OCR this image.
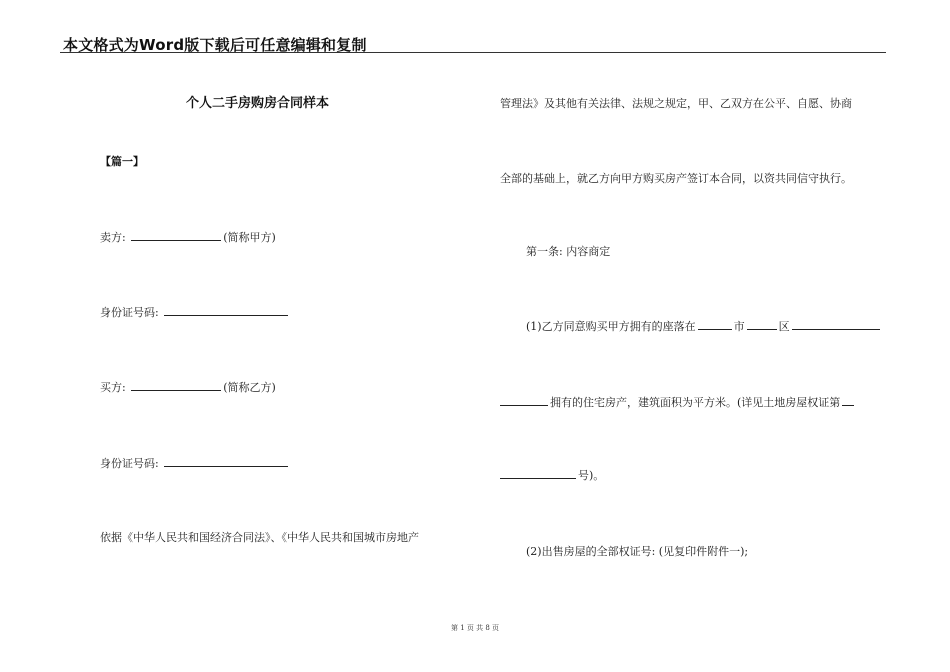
本文格式为Word版下载后可任意编辑和复制
个人二手房购房合同样本
【篇一】
卖方:	(简称甲方)
身份证号码:
买方:	(简称乙方)
身份证号码:
依据《中华人民共和国经济合同法》、《中华人民共和国城市房地产
管理法》及其他有关法律、法规之规定，甲、乙双方在公平、自愿、协商
全部的基础上，就乙方向甲方购买房产签订本合同，以资共同信守执行。
第一条: 内容商定
(1)乙方同意购买甲方拥有的座落在	市	区
拥有的住宅房产，建筑面积为平方米。(详见土地房屋权证第
号)。
(2)出售房屋的全部权证号: (见复印件附件一);
第 1 页 共 8 页
